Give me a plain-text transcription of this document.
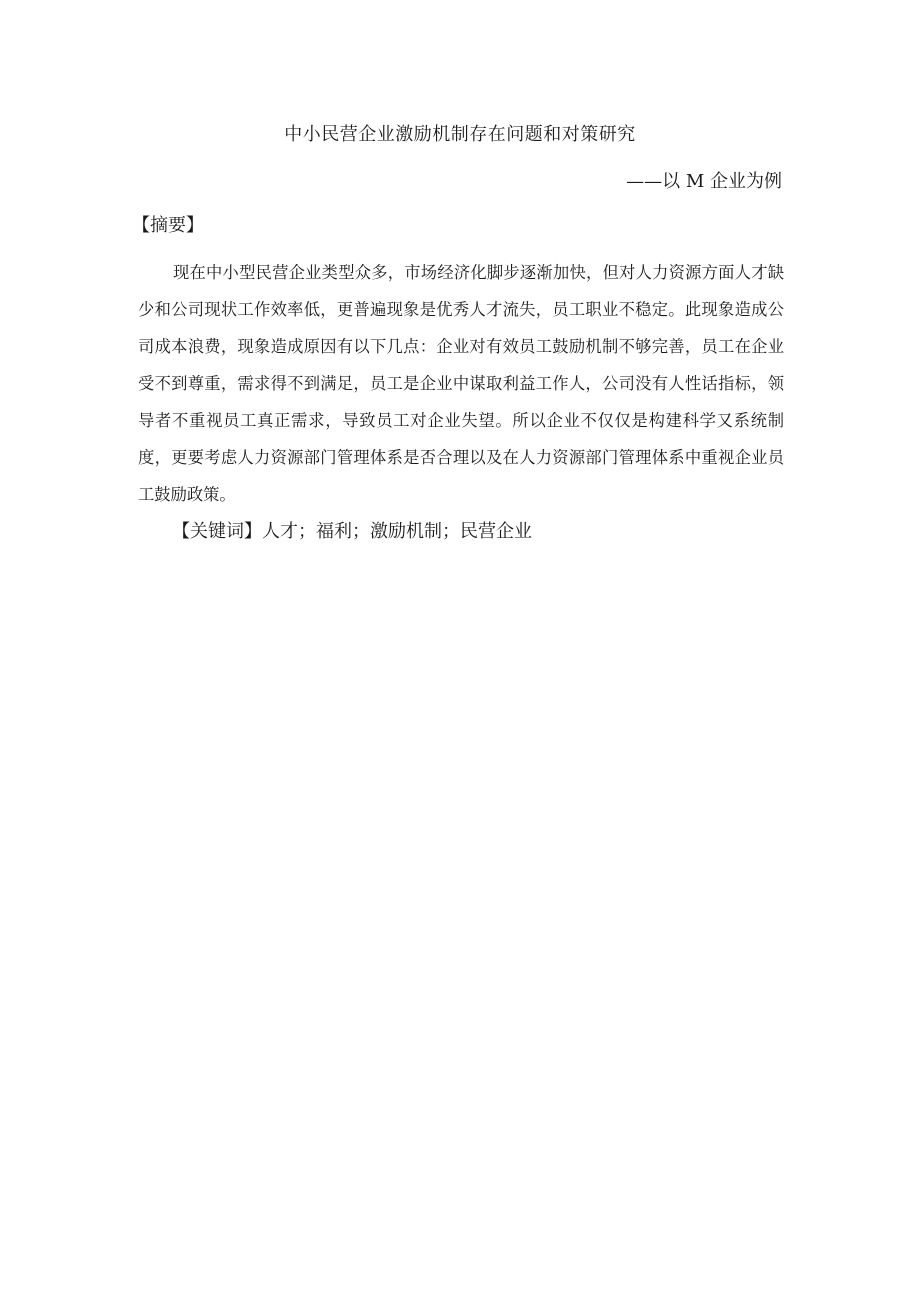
中小民营企业激励机制存在问题和对策研究
——以 M 企业为例
【摘要】
现在中小型民营企业类型众多，市场经济化脚步逐渐加快，但对人力资源方面人才缺少和公司现状工作效率低，更普遍现象是优秀人才流失，员工职业不稳定。此现象造成公司成本浪费，现象造成原因有以下几点：企业对有效员工鼓励机制不够完善，员工在企业受不到尊重，需求得不到满足，员工是企业中谋取利益工作人，公司没有人性话指标，领导者不重视员工真正需求，导致员工对企业失望。所以企业不仅仅是构建科学又系统制度，更要考虑人力资源部门管理体系是否合理以及在人力资源部门管理体系中重视企业员工鼓励政策。
【关键词】人才；福利；激励机制；民营企业
